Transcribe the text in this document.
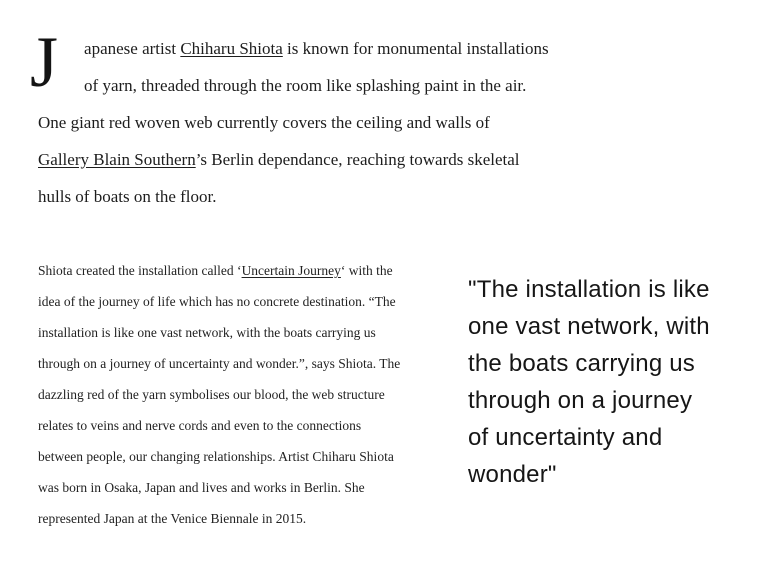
J apanese artist Chiharu Shiota is known for monumental installations
of yarn, threaded through the room like splashing paint in the air.
One giant red woven web currently covers the ceiling and walls of
Gallery Blain Southern’s Berlin dependance, reaching towards skeletal
hulls of boats on the floor.

Shiota created the installation called ‘Uncertain Journey‘ with the
idea of the journey of life which has no concrete destination. “The
installation is like one vast network, with the boats carrying us
through on a journey of uncertainty and wonder.”, says Shiota. The
dazzling red of the yarn symbolises our blood, the web structure
relates to veins and nerve cords and even to the connections
between people, our changing relationships. Artist Chiharu Shiota
was born in Osaka, Japan and lives and works in Berlin. She
represented Japan at the Venice Biennale in 2015.

"The installation is like
one vast network, with
the boats carrying us
through on a journey
of uncertainty and
wonder"
